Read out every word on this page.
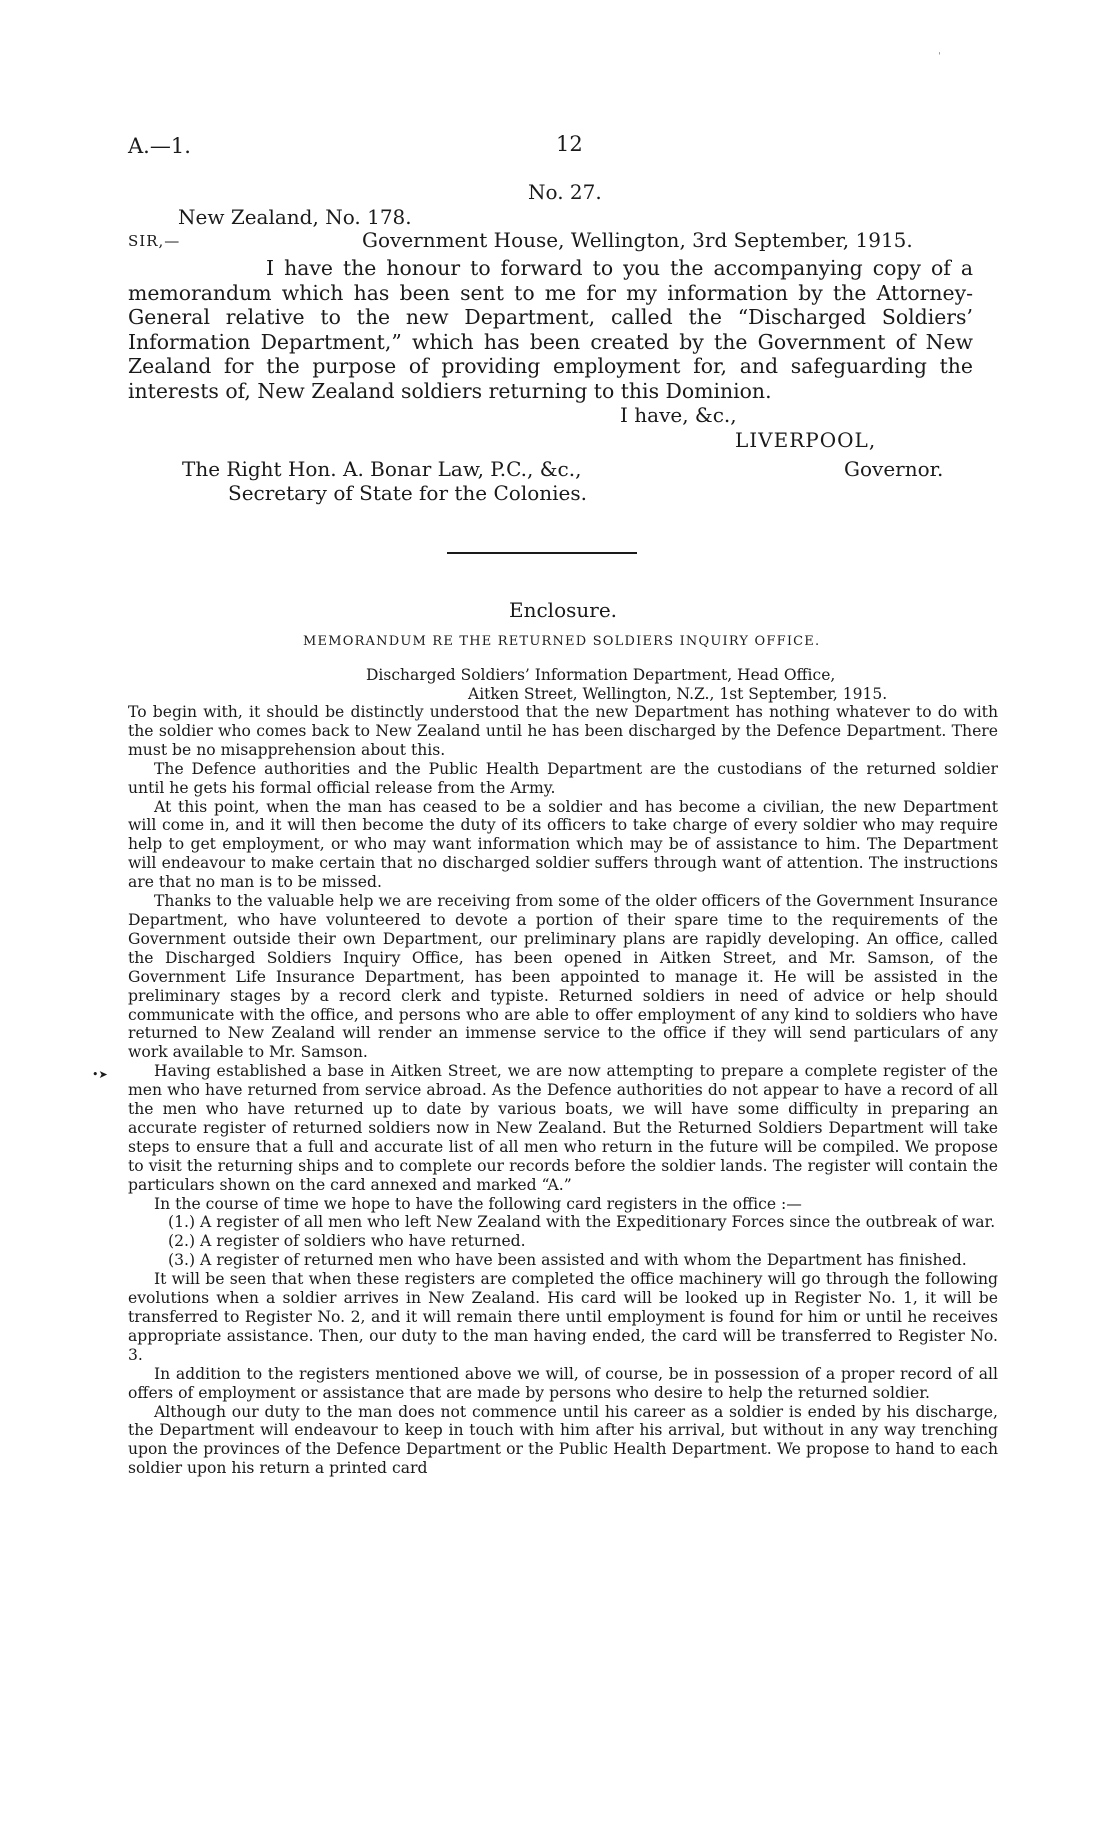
ˈ
A.—1.	12
No. 27.
New Zealand, No. 178.
SIR,—	Government House, Wellington, 3rd September, 1915.

I have the honour to forward to you the accompanying copy of a memorandum which has been sent to me for my information by the Attorney-General relative to the new Department, called the “Discharged Soldiers’ Information Department,” which has been created by the Government of New Zealand for the purpose of providing employment for, and safeguarding the interests of, New Zealand soldiers returning to this Dominion.

I have, &c.,
LIVERPOOL,
The Right Hon. A. Bonar Law, P.C., &c.,	Governor.
Secretary of State for the Colonies.
Enclosure.
MEMORANDUM RE THE RETURNED SOLDIERS INQUIRY OFFICE.
Discharged Soldiers’ Information Department, Head Office,
Aitken Street, Wellington, N.Z., 1st September, 1915.
•➤

To begin with, it should be distinctly understood that the new Department has nothing whatever to do with the soldier who comes back to New Zealand until he has been discharged by the Defence Department. There must be no misapprehension about this.

The Defence authorities and the Public Health Department are the custodians of the returned soldier until he gets his formal official release from the Army.

At this point, when the man has ceased to be a soldier and has become a civilian, the new Department will come in, and it will then become the duty of its officers to take charge of every soldier who may require help to get employment, or who may want information which may be of assistance to him. The Department will endeavour to make certain that no discharged soldier suffers through want of attention. The instructions are that no man is to be missed.

Thanks to the valuable help we are receiving from some of the older officers of the Government Insurance Department, who have volunteered to devote a portion of their spare time to the requirements of the Government outside their own Department, our preliminary plans are rapidly developing. An office, called the Discharged Soldiers Inquiry Office, has been opened in Aitken Street, and Mr. Samson, of the Government Life Insurance Department, has been appointed to manage it. He will be assisted in the preliminary stages by a record clerk and typiste. Returned soldiers in need of advice or help should communicate with the office, and persons who are able to offer employment of any kind to soldiers who have returned to New Zealand will render an immense service to the office if they will send particulars of any work available to Mr. Samson.

Having established a base in Aitken Street, we are now attempting to prepare a complete register of the men who have returned from service abroad. As the Defence authorities do not appear to have a record of all the men who have returned up to date by various boats, we will have some difficulty in preparing an accurate register of returned soldiers now in New Zealand. But the Returned Soldiers Department will take steps to ensure that a full and accurate list of all men who return in the future will be compiled. We propose to visit the returning ships and to complete our records before the soldier lands. The register will contain the particulars shown on the card annexed and marked “A.”

In the course of time we hope to have the following card registers in the office :—

(1.) A register of all men who left New Zealand with the Expeditionary Forces since the outbreak of war.

(2.) A register of soldiers who have returned.

(3.) A register of returned men who have been assisted and with whom the Department has finished.

It will be seen that when these registers are completed the office machinery will go through the following evolutions when a soldier arrives in New Zealand. His card will be looked up in Register No. 1, it will be transferred to Register No. 2, and it will remain there until employment is found for him or until he receives appropriate assistance. Then, our duty to the man having ended, the card will be transferred to Register No. 3.

In addition to the registers mentioned above we will, of course, be in possession of a proper record of all offers of employment or assistance that are made by persons who desire to help the returned soldier.

Although our duty to the man does not commence until his career as a soldier is ended by his discharge, the Department will endeavour to keep in touch with him after his arrival, but without in any way trenching upon the provinces of the Defence Department or the Public Health Department. We propose to hand to each soldier upon his return a printed card
